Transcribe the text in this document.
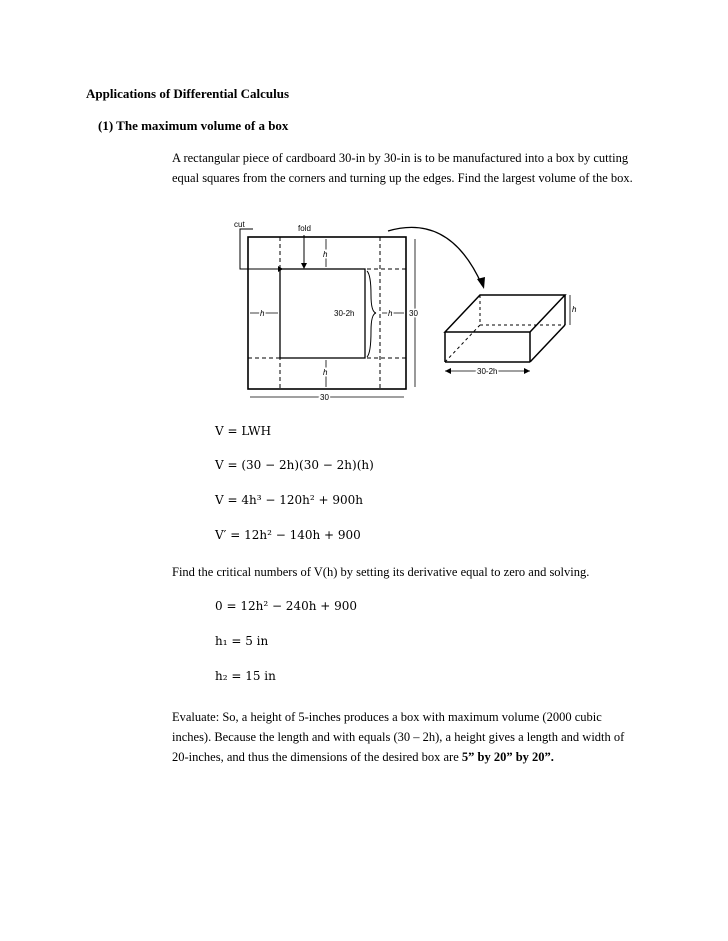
Applications of Differential Calculus
(1) The maximum volume of a box
A rectangular piece of cardboard 30-in by 30-in is to be manufactured into a box by cutting equal squares from the corners and turning up the edges. Find the largest volume of the box.
cut	fold
h
h	30-2h	h 30
h
30
h
30-2h
V = LWH
V = (30 − 2h)(30 − 2h)(h)
V = 4h³ − 120h² + 900h
V′ = 12h² − 140h + 900
Find the critical numbers of V(h) by setting its derivative equal to zero and solving.
0 = 12h² − 240h + 900
h₁ = 5 in
h₂ = 15 in
Evaluate: So, a height of 5-inches produces a box with maximum volume (2000 cubic inches). Because the length and with equals (30 – 2h), a height gives a length and width of 20-inches, and thus the dimensions of the desired box are 5” by 20” by 20”.
